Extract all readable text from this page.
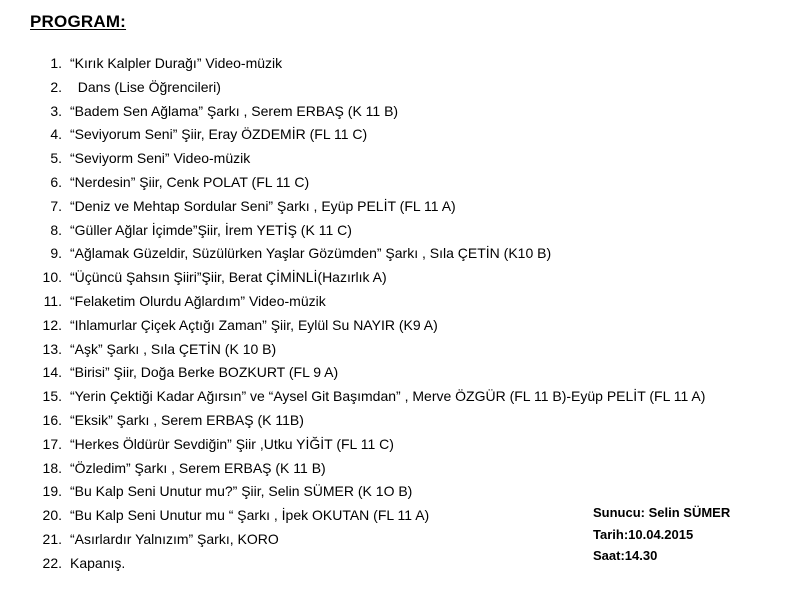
PROGRAM:
1. “Kırık Kalpler Durağı” Video-müzik
2. Dans (Lise Öğrencileri)
3. “Badem Sen Ağlama” Şarkı , Serem ERBAŞ (K 11 B)
4. “Seviyorum Seni” Şiir, Eray ÖZDEMİR (FL 11 C)
5. “Seviyorm Seni” Video-müzik
6. “Nerdesin” Şiir, Cenk POLAT (FL 11 C)
7. “Deniz ve Mehtap Sordular Seni” Şarkı , Eyüp PELİT (FL 11 A)
8. “Güller Ağlar İçimde”Şiir, İrem YETİŞ (K 11 C)
9. “Ağlamak Güzeldir, Süzülürken Yaşlar Gözümden” Şarkı , Sıla ÇETİN (K10 B)
10. “Üçüncü Şahsın Şiiri”Şiir, Berat ÇİMİNLİ(Hazırlık A)
11. “Felaketim Olurdu Ağlardım” Video-müzik
12. “Ihlamurlar Çiçek Açtığı Zaman” Şiir, Eylül Su NAYIR (K9 A)
13. “Aşk” Şarkı , Sıla ÇETİN (K 10 B)
14. “Birisi” Şiir, Doğa Berke BOZKURT (FL 9 A)
15. “Yerin Çektiği Kadar Ağırsın” ve “Aysel Git Başımdan” , Merve ÖZGÜR (FL 11 B)-Eyüp PELİT (FL 11 A)
16. “Eksik” Şarkı , Serem ERBAŞ (K 11B)
17. “Herkes Öldürür Sevdiğin” Şiir ,Utku YİĞİT (FL 11 C)
18. “Özledim” Şarkı , Serem ERBAŞ (K 11 B)
19. “Bu Kalp Seni Unutur mu?” Şiir, Selin SÜMER (K 1O B)
20. “Bu Kalp Seni Unutur mu “ Şarkı , İpek OKUTAN (FL 11 A)
21. “Asırlardır Yalnızım” Şarkı, KORO
22. Kapanış.
Sunucu: Selin SÜMER
Tarih:10.04.2015
Saat:14.30
